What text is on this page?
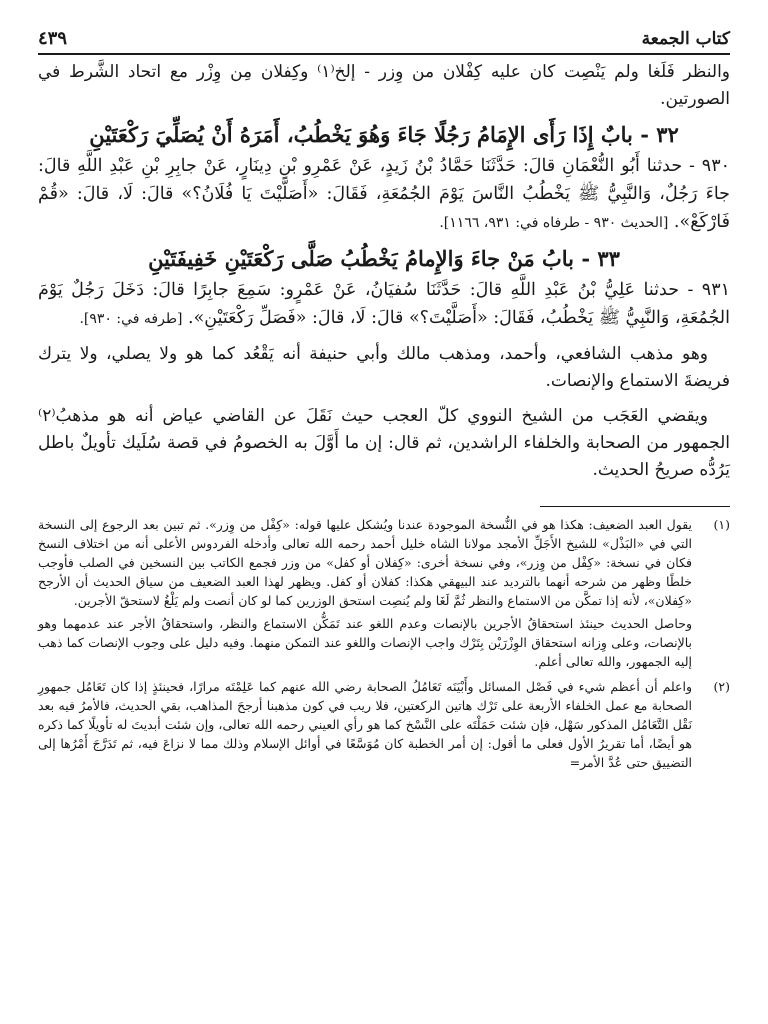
كتاب الجمعة
٤٣٩

والنظر فَلَغا ولم يَنْصِت كان عليه كِفْلان من وِزر - إلخ⁽١⁾ وكِفلان مِن وِزْر مع اتحاد الشَّرط في الصورتين.

٣٢ - بابٌ إِذَا رَأَى الإِمَامُ رَجُلًا جَاءَ وَهُوَ يَخْطُبُ، أَمَرَهُ أَنْ يُصَلِّيَ رَكْعَتَيْنِ

٩٣٠ - حدثنا أَبُو النُّعْمَانِ قالَ: حَدَّثَنَا حَمَّادُ بْنُ زَيدٍ، عَنْ عَمْرِو بْنِ دِينَارٍ، عَنْ جابِرِ بْنِ عَبْدِ اللَّهِ قالَ: جاءَ رَجُلٌ، وَالنَّبِيُّ ﷺ يَخْطُبُ النَّاسَ يَوْمَ الجُمُعَةِ، فَقَالَ: «أَصَلَّيْتَ يَا فُلَانُ؟» قالَ: لَا، قالَ: «قُمْ فَارْكَعْ». [الحديث ٩٣٠ - طرفاه في: ٩٣١، ١١٦٦].

٣٣ - بابُ مَنْ جاءَ وَالإِمامُ يَخْطُبُ صَلَّى رَكْعَتَيْنِ خَفِيفَتَيْنِ

٩٣١ - حدثنا عَلِيُّ بْنُ عَبْدِ اللَّهِ قالَ: حَدَّثَنَا سُفيَانُ، عَنْ عَمْرٍو: سَمِعَ جابِرًا قالَ: دَخَلَ رَجُلٌ يَوْمَ الجُمُعَةِ، وَالنَّبِيُّ ﷺ يَخْطُبُ، فَقَالَ: «أَصَلَّيْتَ؟» قالَ: لَا، قالَ: «فَصَلِّ رَكْعَتَيْنِ». [طرفه في: ٩٣٠].

وهو مذهب الشافعي، وأحمد، ومذهب مالك وأبي حنيفة أنه يَقْعُد كما هو ولا يصلي، ولا يترك فريضةَ الاستماع والإنصات.

ويقضي العَجَب من الشيخ النووي كلّ العجب حيث نَقَلَ عن القاضي عياض أنه هو مذهبُ⁽٢⁾ الجمهور من الصحابة والخلفاء الراشدين، ثم قال: إن ما أَوَّلَ به الخصومُ في قصة سُلَيك تأويلٌ باطل يَرُدُّه صريحُ الحديث.

(١)

يقول العبد الضعيف: هكذا هو في النُّسخة الموجودة عندنا ويُشكل عليها قوله: «كِفْل من وِزر». ثم تبين بعد الرجوع إلى النسخة التي في «البَذْل» للشيخ الأَجَلِّ الأمجد مولانا الشاه خليل أحمد رحمه الله تعالى وأدخله الفردوس الأعلى أنه من اختلاف النسخ فكان في نسخة: «كِفْل من وِزر»، وفي نسخة أخرى: «كِفلان أو كفل» من وزر فجمع الكاتب بين النسخين في الصلب فأوجب خلطًا وظهر من شرحه أنهما بالترديد عند البيهقي هكذا: كفلان أو كفل. ويظهر لهذا العبد الضعيف من سياق الحديث أن الأرجح «كِفلان»، لأنه إذا تمكَّن من الاستماع والنظر ثُمَّ لَغَا ولم يُنصِت استحق الوزرين كما لو كان أنصت ولم يَلْغُ لاستحقّ الأجرين.

وحاصل الحديث حينئذ استحقاقُ الأجرين بالإنصات وعدم اللغو عند تَمَكُّن الاستماع والنظر، واستحقاقُ الأجر عند عدمهما وهو بالإنصات، وعلى وِزانه استحقاق الوِزْرَيْن بِتَرْك واجب الإنصات واللغو عند التمكن منهما. وفيه دليل على وجوب الإنصات كما ذهب إليه الجمهور، والله تعالى أعلم.

(٢)

واعلم أن أعظم شيء في فَصْل المسائل وأَبْيَنَه تَعَامُلُ الصحابة رضي الله عنهم كما عَلِمْتَه مرارًا، فحينئذٍ إذا كان تَعَامُل جمهورِ الصحابة مع عمل الخلفاء الأربعة على تَرْك هاتين الركعتين، فلا ريب في كون مذهبنا أرجحَ المذاهب، بقي الحديث، فالأمرُ فيه بعد نَقْل التَّعَامُل المذكور سَهْل، فإن شئت حَمَلْتَه على النَّسْخ كما هو رأي العيني رحمه الله تعالى، وإن شئت أبديتَ له تأويلًا كما ذكره هو أيضًا، أما تقريرُ الأول فعلى ما أقول: إن أمر الخطبة كان مُوَسَّعًا في أوائل الإسلام وذلك مما لا نزاعَ فيه، ثم تَدَرَّجَ أَمْرُها إلى التضييق حتى عُدَّ الأمر=
